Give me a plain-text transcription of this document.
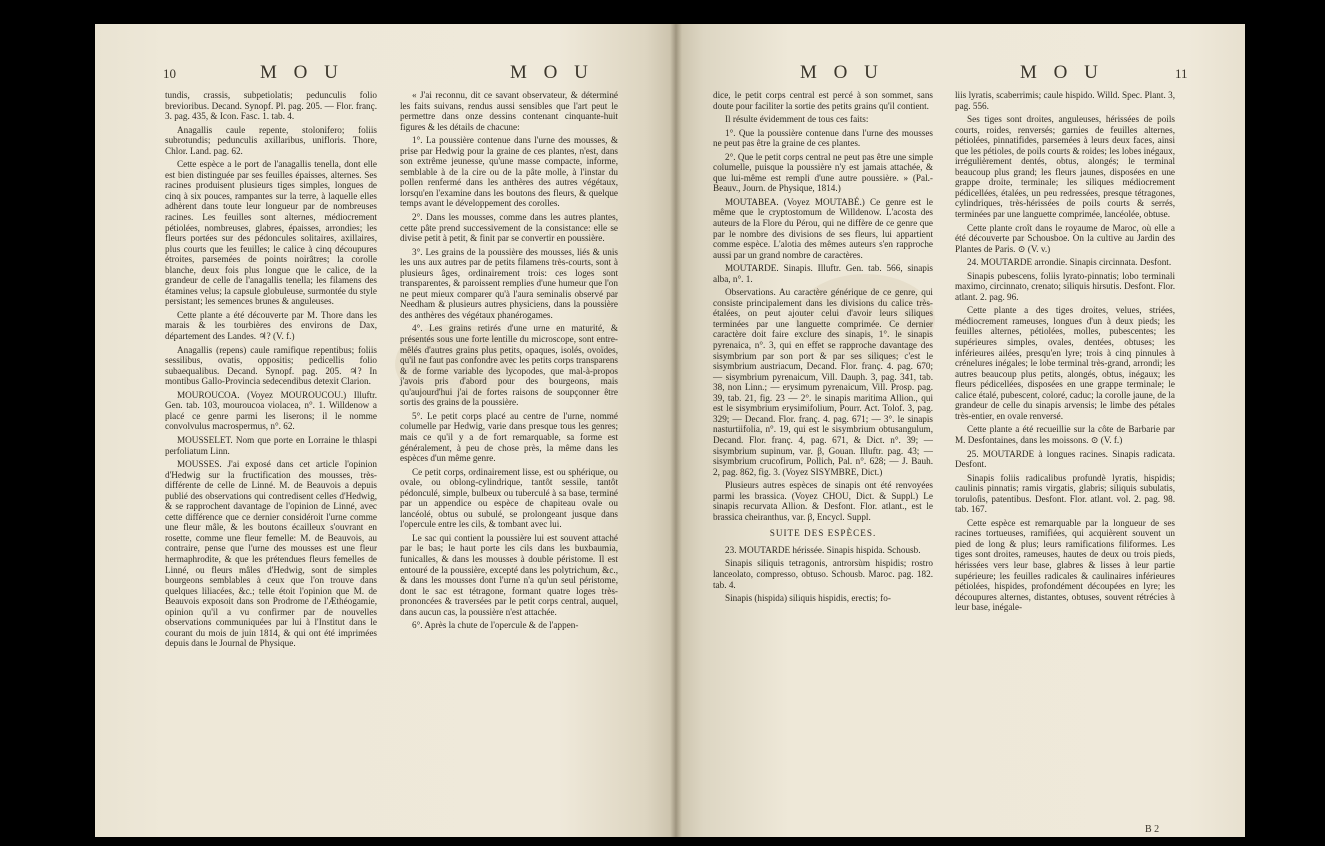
10	M O U	M O U

tundis, crassis, subpetiolatis; pedunculis folio brevioribus. Decand. Synopf. Pl. pag. 205. — Flor. franç. 3. pag. 435, & Icon. Fasc. 1. tab. 4.

Anagallis caule repente, stolonifero; foliis subrotundis; pedunculis axillaribus, unifloris. Thore, Chlor. Land. pag. 62.

Cette espèce a le port de l'anagallis tenella, dont elle est bien distinguée par ses feuilles épaisses, alternes. Ses racines produisent plusieurs tiges simples, longues de cinq à six pouces, rampantes sur la terre, à laquelle elles adhèrent dans toute leur longueur par de nombreuses racines. Les feuilles sont alternes, médiocrement pétiolées, nombreuses, glabres, épaisses, arrondies; les fleurs portées sur des pédoncules solitaires, axillaires, plus courts que les feuilles; le calice à cinq découpures étroites, parsemées de points noirâtres; la corolle blanche, deux fois plus longue que le calice, de la grandeur de celle de l'anagallis tenella; les filamens des étamines velus; la capsule globuleuse, surmontée du style persistant; les semences brunes & anguleuses.

Cette plante a été découverte par M. Thore dans les marais & les tourbières des environs de Dax, département des Landes. ♃? (V. f.)

Anagallis (repens) caule ramifique repentibus; foliis sessilibus, ovatis, oppositis; pedicellis folio subaequalibus. Decand. Synopf. pag. 205. ♃? In montibus Gallo-Provincia sedecendibus detexit Clarion.

MOUROUCOA. (Voyez MOUROUCOU.) Illuftr. Gen. tab. 103, mouroucoa violacea, n°. 1. Willdenow a placé ce genre parmi les liserons; il le nomme convolvulus macrospermus, n°. 62.

MOUSSELET. Nom que porte en Lorraine le thlaspi perfoliatum Linn.

MOUSSES. J'ai exposé dans cet article l'opinion d'Hedwig sur la fructification des mousses, très-différente de celle de Linné. M. de Beauvois a depuis publié des observations qui contredisent celles d'Hedwig, & se rapprochent davantage de l'opinion de Linné, avec cette différence que ce dernier considéroit l'urne comme une fleur mâle, & les boutons écailleux s'ouvrant en rosette, comme une fleur femelle: M. de Beauvois, au contraire, pense que l'urne des mousses est une fleur hermaphrodite, & que les prétendues fleurs femelles de Linné, ou fleurs mâles d'Hedwig, sont de simples bourgeons semblables à ceux que l'on trouve dans quelques liliacées, &c.; telle étoit l'opinion que M. de Beauvois exposoit dans son Prodrome de l'Æthéogamie, opinion qu'il a vu confirmer par de nouvelles observations communiquées par lui à l'Institut dans le courant du mois de juin 1814, & qui ont été imprimées depuis dans le Journal de Physique.

« J'ai reconnu, dit ce savant observateur, & déterminé les faits suivans, rendus aussi sensibles que l'art peut le permettre dans onze dessins contenant cinquante-huit figures & les détails de chacune:

1°. La poussière contenue dans l'urne des mousses, & prise par Hedwig pour la graine de ces plantes, n'est, dans son extrême jeunesse, qu'une masse compacte, informe, semblable à de la cire ou de la pâte molle, à l'instar du pollen renfermé dans les anthères des autres végétaux, lorsqu'en l'examine dans les boutons des fleurs, & quelque temps avant le développement des corolles.

2°. Dans les mousses, comme dans les autres plantes, cette pâte prend successivement de la consistance: elle se divise petit à petit, & finit par se convertir en poussière.

3°. Les grains de la poussière des mousses, liés & unis les uns aux autres par de petits filamens très-courts, sont à plusieurs âges, ordinairement trois: ces loges sont transparentes, & paroissent remplies d'une humeur que l'on ne peut mieux comparer qu'à l'aura seminalis observé par Needham & plusieurs autres physiciens, dans la poussière des anthères des végétaux phanérogames.

4°. Les grains retirés d'une urne en maturité, & présentés sous une forte lentille du microscope, sont entre-mêlés d'autres grains plus petits, opaques, isolés, ovoïdes, qu'il ne faut pas confondre avec les petits corps transparens & de forme variable des lycopodes, que mal-à-propos j'avois pris d'abord pour des bourgeons, mais qu'aujourd'hui j'ai de fortes raisons de soupçonner être sortis des grains de la poussière.

5°. Le petit corps placé au centre de l'urne, nommé columelle par Hedwig, varie dans presque tous les genres; mais ce qu'il y a de fort remarquable, sa forme est généralement, à peu de chose près, la même dans les espèces d'un même genre.

Ce petit corps, ordinairement lisse, est ou sphérique, ou ovale, ou oblong-cylindrique, tantôt sessile, tantôt pédonculé, simple, bulbeux ou tuberculé à sa base, terminé par un appendice ou espèce de chapiteau ovale ou lancéolé, obtus ou subulé, se prolongeant jusque dans l'opercule entre les cils, & tombant avec lui.

Le sac qui contient la poussière lui est souvent attaché par le bas; le haut porte les cils dans les buxbaumia, funicalles, & dans les mousses à double péristome. Il est entouré de la poussière, excepté dans les polytrichum, &c., & dans les mousses dont l'urne n'a qu'un seul péristome, dont le sac est tétragone, formant quatre loges très-prononcées & traversées par le petit corps central, auquel, dans aucun cas, la poussière n'est attachée.

6°. Après la chute de l'opercule & de l'appen-

M O U	M O U	11

dice, le petit corps central est percé à son sommet, sans doute pour faciliter la sortie des petits grains qu'il contient.

Il résulte évidemment de tous ces faits:

1°. Que la poussière contenue dans l'urne des mousses ne peut pas être la graine de ces plantes.

2°. Que le petit corps central ne peut pas être une simple columelle, puisque la poussière n'y est jamais attachée, & que lui-même est rempli d'une autre poussière. » (Pal.-Beauv., Journ. de Physique, 1814.)

MOUTABEA. (Voyez MOUTABÉ.) Ce genre est le même que le cryptostomum de Willdenow. L'acosta des auteurs de la Flore du Pérou, qui ne diffère de ce genre que par le nombre des divisions de ses fleurs, lui appartient comme espèce. L'alotia des mêmes auteurs s'en rapproche aussi par un grand nombre de caractères.

MOUTARDE. Sinapis. Illuftr. Gen. tab. 566, sinapis alba, n°. 1.

Observations. Au caractère générique de ce genre, qui consiste principalement dans les divisions du calice très-étalées, on peut ajouter celui d'avoir leurs siliques terminées par une languette comprimée. Ce dernier caractère doit faire exclure des sinapis, 1°. le sinapis pyrenaica, n°. 3, qui en effet se rapproche davantage des sisymbrium par son port & par ses siliques; c'est le sisymbrium austriacum, Decand. Flor. franç. 4. pag. 670; — sisymbrium pyrenaicum, Vill. Dauph. 3, pag. 341, tab. 38, non Linn.; — erysimum pyrenaicum, Vill. Prosp. pag. 39, tab. 21, fig. 23 — 2°. le sinapis maritima Allion., qui est le sisymbrium erysimifolium, Pourr. Act. Tolof. 3, pag. 329; — Decand. Flor. franç. 4. pag. 671; — 3°. le sinapis nasturtiifolia, n°. 19, qui est le sisymbrium obtusangulum, Decand. Flor. franç. 4, pag. 671, & Dict. n°. 39; — sisymbrium supinum, var. β, Gouan. Illuftr. pag. 43; — sisymbrium crucofirum, Pollich, Pal. n°. 628; — J. Bauh. 2, pag. 862, fig. 3. (Voyez SISYMBRE, Dict.)

Plusieurs autres espèces de sinapis ont été renvoyées parmi les brassica. (Voyez CHOU, Dict. & Suppl.) Le sinapis recurvata Allion. & Desfont. Flor. atlant., est le brassica cheiranthus, var. β, Encycl. Suppl.

SUITE DES ESPÈCES.

23. MOUTARDE hérissée. Sinapis hispida. Schousb.

Sinapis siliquis tetragonis, antrorsùm hispidis; rostro lanceolato, compresso, obtuso. Schousb. Maroc. pag. 182. tab. 4.

Sinapis (hispida) siliquis hispidis, erectis; fo-

liis lyratis, scaberrimis; caule hispido. Willd. Spec. Plant. 3, pag. 556.

Ses tiges sont droites, anguleuses, hérissées de poils courts, roides, renversés; garnies de feuilles alternes, pétiolées, pinnatifides, parsemées à leurs deux faces, ainsi que les pétioles, de poils courts & roides; les lobes inégaux, irrégulièrement dentés, obtus, alongés; le terminal beaucoup plus grand; les fleurs jaunes, disposées en une grappe droite, terminale; les siliques médiocrement pédicellées, étalées, un peu redressées, presque tétragones, cylindriques, très-hérissées de poils courts & serrés, terminées par une languette comprimée, lancéolée, obtuse.

Cette plante croît dans le royaume de Maroc, où elle a été découverte par Schousboe. On la cultive au Jardin des Plantes de Paris. ⊙ (V. v.)

24. MOUTARDE arrondie. Sinapis circinnata. Desfont.

Sinapis pubescens, foliis lyrato-pinnatis; lobo terminali maximo, circinnato, crenato; siliquis hirsutis. Desfont. Flor. atlant. 2. pag. 96.

Cette plante a des tiges droites, velues, striées, médiocrement rameuses, longues d'un à deux pieds; les feuilles alternes, pétiolées, molles, pubescentes; les supérieures simples, ovales, dentées, obtuses; les inférieures ailées, presqu'en lyre; trois à cinq pinnules à crénelures inégales; le lobe terminal très-grand, arrondi; les autres beaucoup plus petits, alongés, obtus, inégaux; les fleurs pédicellées, disposées en une grappe terminale; le calice étalé, pubescent, coloré, caduc; la corolle jaune, de la grandeur de celle du sinapis arvensis; le limbe des pétales très-entier, en ovale renversé.

Cette plante a été recueillie sur la côte de Barbarie par M. Desfontaines, dans les moissons. ⊙ (V. f.)

25. MOUTARDE à longues racines. Sinapis radicata. Desfont.

Sinapis foliis radicalibus profundè lyratis, hispidis; caulinis pinnatis; ramis virgatis, glabris; siliquis subulatis, toruloſis, patentibus. Desfont. Flor. atlant. vol. 2. pag. 98. tab. 167.

Cette espèce est remarquable par la longueur de ses racines tortueuses, ramifiées, qui acquièrent souvent un pied de long & plus; leurs ramifications filiformes. Les tiges sont droites, rameuses, hautes de deux ou trois pieds, hérissées vers leur base, glabres & lisses à leur partie supérieure; les feuilles radicales & caulinaires inférieures pétiolées, hispides, profondément découpées en lyre; les découpures alternes, distantes, obtuses, souvent rétrécies à leur base, inégale-

B 2
